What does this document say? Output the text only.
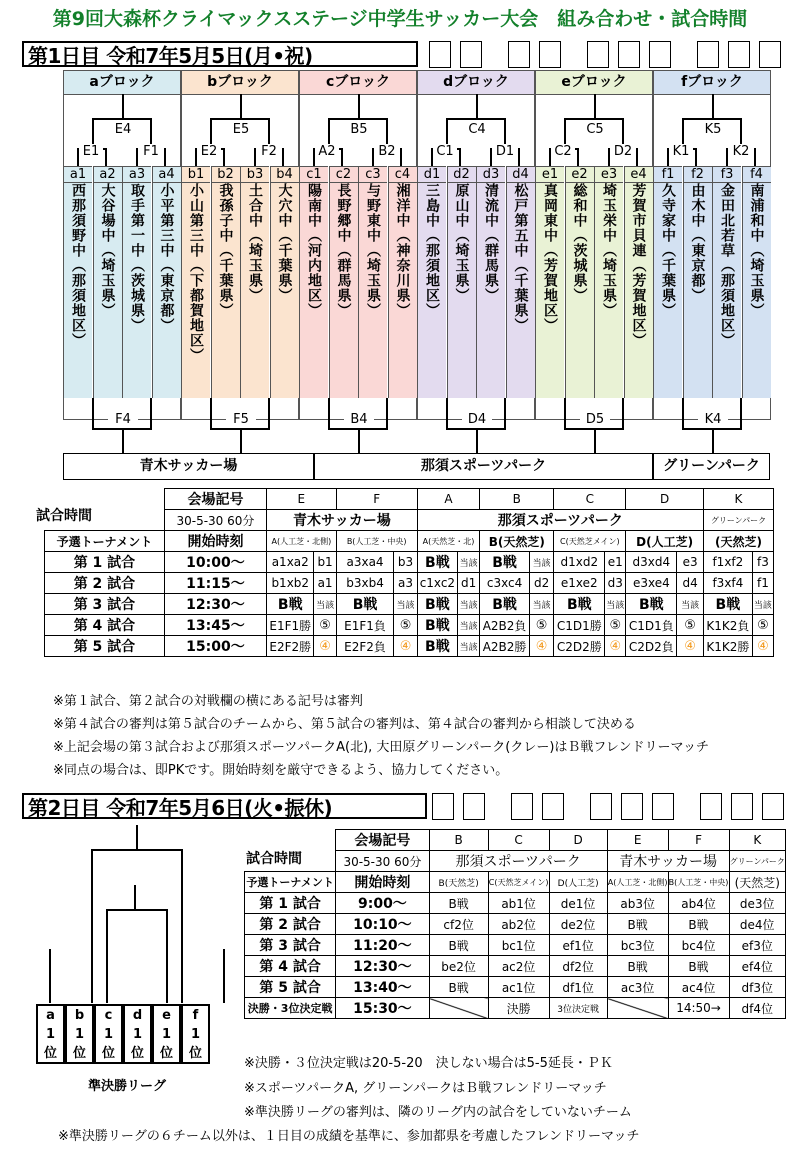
第9回大森杯クライマックスステージ中学生サッカー大会　組み合わせ・試合時間
第1日目 令和7年5月5日(月•祝)
aブロック
E4
E1	F1
a1
西那須野中（那須地区）
a2
大谷場中（埼玉県）
a3
取手第一中（茨城県）
a4
小平第三中（東京都）
F4
bブロック
E5
E2	F2
b1
小山第三中（下都賀地区）
b2
我孫子中（千葉県）
b3
土合中（埼玉県）
b4
大穴中（千葉県）
F5
cブロック
B5
A2	B2
c1
陽南中（河内地区）
c2
長野郷中（群馬県）
c3
与野東中（埼玉県）
c4
湘洋中（神奈川県）
B4
dブロック
C4
C1	D1
d1
三島中（那須地区）
d2
原山中（埼玉県）
d3
清流中（群馬県）
d4
松戸第五中（千葉県）
D4
eブロック
C5
C2	D2
e1
真岡東中（芳賀地区）
e2
総和中（茨城県）
e3
埼玉栄中（埼玉県）
e4
芳賀市貝連（芳賀地区）
D5
fブロック
K5
K1	K2
f1
久寺家中（千葉県）
f2
由木中（東京都）
f3
金田北若草（那須地区）
f4
南浦和中（埼玉県）
K4
青木サッカー場	那須スポーツパーク	グリーンパーク
試合時間
	会場記号	E		F		A		B		C		D		K	
	30-5-30 60分	青木サッカー場				那須スポーツパーク								グリーンパーク	
予選トーナメント	開始時刻	A(人工芝・北側)		B(人工芝・中央)		A(天然芝・北)		B(天然芝)		C(天然芝メイン)		D(人工芝)		(天然芝)	
第 1 試合	10:00～	a1xa2	b1	a3xa4	b3	B戦	当該	B戦	当該	d1xd2	e1	d3xd4	e3	f1xf2	f3
第 2 試合	11:15～	b1xb2	a1	b3xb4	a3	c1xc2	d1	c3xc4	d2	e1xe2	d3	e3xe4	d4	f3xf4	f1
第 3 試合	12:30～	B戦	当該	B戦	当該	B戦	当該	B戦	当該	B戦	当該	B戦	当該	B戦	当該
第 4 試合	13:45～	E1F1勝	⑤	E1F1負	⑤	B戦	当該	A2B2負	⑤	C1D1勝	⑤	C1D1負	⑤	K1K2負	⑤
第 5 試合	15:00～	E2F2勝	④	E2F2負	④	B戦	当該	A2B2勝	④	C2D2勝	④	C2D2負	④	K1K2勝	④
※第１試合、第２試合の対戦欄の横にある記号は審判
※第４試合の審判は第５試合のチームから、第５試合の審判は、第４試合の審判から相談して決める
※上記会場の第３試合および那須スポーツパークA(北), 大田原グリーンパーク(クレー)はＢ戦フレンドリーマッチ
※同点の場合は、即PKです。開始時刻を厳守できるよう、協力してください。
第2日目 令和7年5月6日(火•振休)
a
1
位
b
1
位
c
1
位
d
1
位
e
1
位
f
1
位
準決勝リーグ
試合時間
	会場記号	B	C	D	E	F	K
	30-5-30 60分	那須スポーツパーク			青木サッカー場		グリーンパーク
予選トーナメント	開始時刻	B(天然芝)	C(天然芝メイン)	D(人工芝)	A(人工芝・北側)	B(人工芝・中央)	(天然芝)
第 1 試合	9:00～	B戦	ab1位	de1位	ab3位	ab4位	de3位
第 2 試合	10:10～	cf2位	ab2位	de2位	B戦	B戦	de4位
第 3 試合	11:20～	B戦	bc1位	ef1位	bc3位	bc4位	ef3位
第 4 試合	12:30～	be2位	ac2位	df2位	B戦	B戦	ef4位
第 5 試合	13:40～	B戦	ac1位	df1位	ac3位	ac4位	df3位
決勝・3位決定戦	15:30～		決勝	3位決定戦		14:50→	df4位
※決勝・３位決定戦は20-5-20　決しない場合は5-5延長・ＰＫ
※スポーツパークA, グリーンパークはＢ戦フレンドリーマッチ
※準決勝リーグの審判は、隣のリーグ内の試合をしていないチーム
※準決勝リーグの６チーム以外は、１日目の成績を基準に、参加都県を考慮したフレンドリーマッチ
